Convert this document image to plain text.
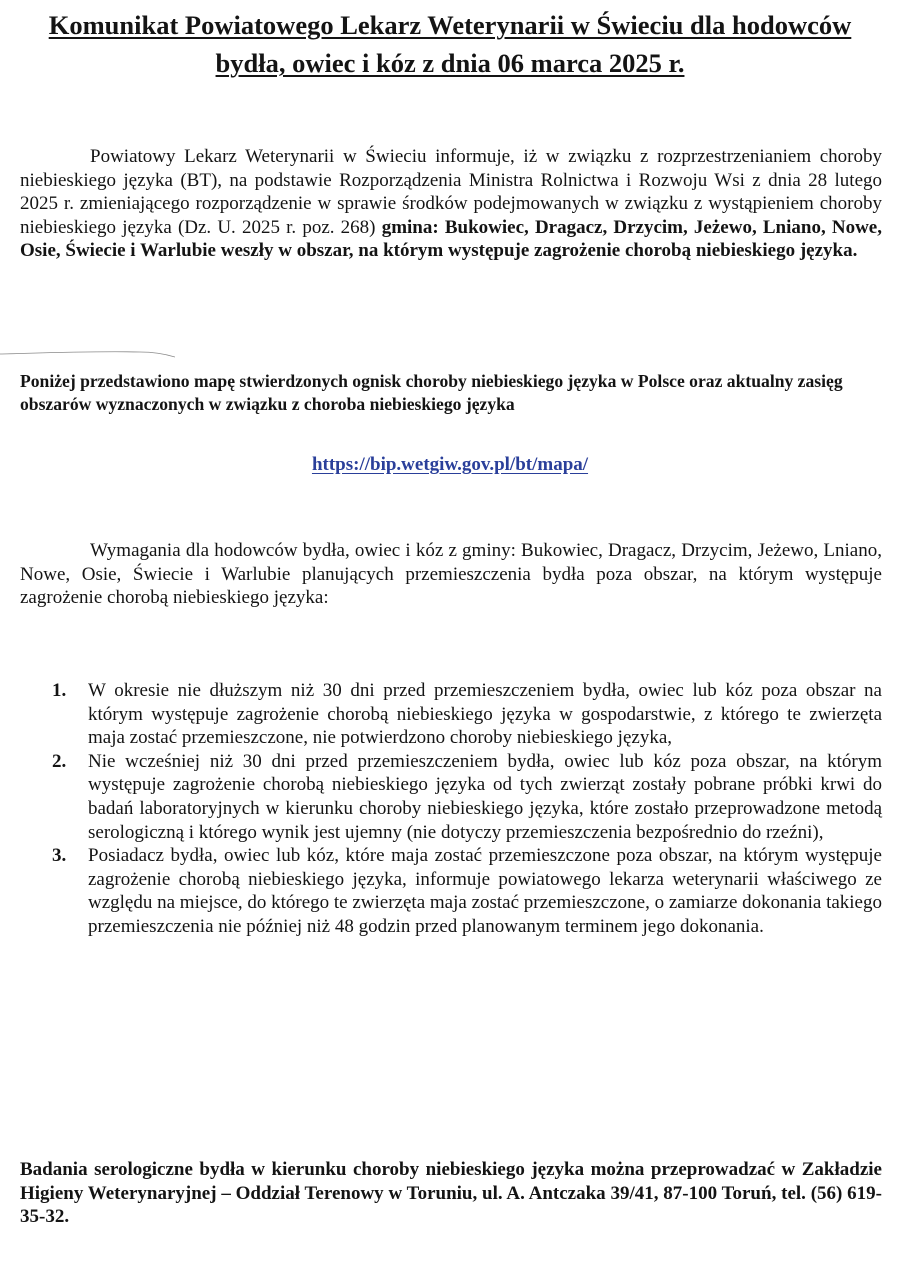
Komunikat Powiatowego Lekarz Weterynarii w Świeciu dla hodowców bydła, owiec i kóz z dnia 06 marca 2025 r.
Powiatowy Lekarz Weterynarii w Świeciu informuje, iż w związku z rozprzestrzenianiem choroby niebieskiego języka (BT), na podstawie Rozporządzenia Ministra Rolnictwa i Rozwoju Wsi z dnia 28 lutego 2025 r. zmieniającego rozporządzenie w sprawie środków podejmowanych w związku z wystąpieniem choroby niebieskiego języka (Dz. U. 2025 r. poz. 268) gmina: Bukowiec, Dragacz, Drzycim, Jeżewo, Lniano, Nowe, Osie, Świecie i Warlubie weszły w obszar, na którym występuje zagrożenie chorobą niebieskiego języka.
Poniżej przedstawiono mapę stwierdzonych ognisk choroby niebieskiego języka w Polsce oraz aktualny zasięg obszarów wyznaczonych w związku z choroba niebieskiego języka
https://bip.wetgiw.gov.pl/bt/mapa/
Wymagania dla hodowców bydła, owiec i kóz z gminy: Bukowiec, Dragacz, Drzycim, Jeżewo, Lniano, Nowe, Osie, Świecie i Warlubie planujących przemieszczenia bydła poza obszar, na którym występuje zagrożenie chorobą niebieskiego języka:
1. W okresie nie dłuższym niż 30 dni przed przemieszczeniem bydła, owiec lub kóz poza obszar na którym występuje zagrożenie chorobą niebieskiego języka w gospodarstwie, z którego te zwierzęta maja zostać przemieszczone, nie potwierdzono choroby niebieskiego języka,
2. Nie wcześniej niż 30 dni przed przemieszczeniem bydła, owiec lub kóz poza obszar, na którym występuje zagrożenie chorobą niebieskiego języka od tych zwierząt zostały pobrane próbki krwi do badań laboratoryjnych w kierunku choroby niebieskiego języka, które zostało przeprowadzone metodą serologiczną i którego wynik jest ujemny (nie dotyczy przemieszczenia bezpośrednio do rzeźni),
3. Posiadacz bydła, owiec lub kóz, które maja zostać przemieszczone poza obszar, na którym występuje zagrożenie chorobą niebieskiego języka, informuje powiatowego lekarza weterynarii właściwego ze względu na miejsce, do którego te zwierzęta maja zostać przemieszczone, o zamiarze dokonania takiego przemieszczenia nie później niż 48 godzin przed planowanym terminem jego dokonania.
Badania serologiczne bydła w kierunku choroby niebieskiego języka można przeprowadzać w Zakładzie Higieny Weterynaryjnej – Oddział Terenowy w Toruniu, ul. A. Antczaka 39/41, 87-100 Toruń, tel. (56) 619-35-32.
